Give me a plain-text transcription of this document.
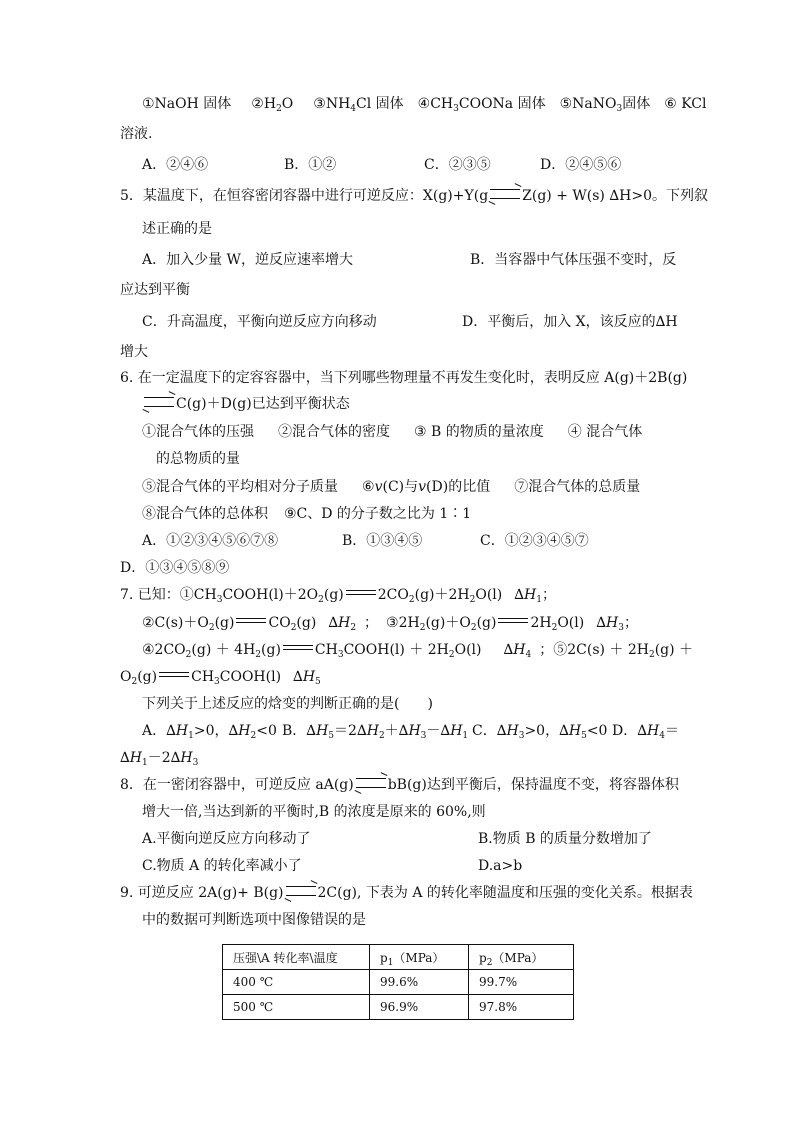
①NaOH 固体 $②H_2O$ $③NH_4Cl$ 固体 $④CH_3COONa$ 固体 ⑤NaNO$_3$固体 ⑥ KCl
溶液.
A．②④⑥	B．①②	C．②③⑤	D．②④⑤⑥
5．某温度下，在恒容密闭容器中进行可逆反应：X(g)+Y(g Z(g) + W(s) ∆H>0。下列叙
述正确的是
A．加入少量 W，逆反应速率增大	B．当容器中气体压强不变时，反
应达到平衡
C．升高温度，平衡向逆反应方向移动	D．平衡后，加入 X，该反应的∆H
增大
6. 在一定温度下的定容容器中，当下列哪些物理量不再发生变化时，表明反应 A(g)＋2B(g)
C(g)＋D(g)已达到平衡状态
①混合气体的压强 ②混合气体的密度 ③ B 的物质的量浓度 ④ 混合气体
的总物质的量
⑤混合气体的平均相对分子质量 ⑥v(C)与v(D)的比值 ⑦混合气体的总质量
⑧混合气体的总体积 ⑨C、D 的分子数之比为 1∶1
A．①②③④⑤⑥⑦⑧	B．①③④⑤	C．①②③④⑤⑦
D．①③④⑤⑧⑨
7. 已知：$①CH_3COOH(l)+2O_2(g)$ $2CO_2(g)+2H_2O(l)$ $\Delta H_1$；
$②C(s)+O_2(g)$ $CO_2(g)$ $\Delta H_2$ ； $③2H_2(g)+O_2(g)$ $2H_2O(l)$ $\Delta H_3$；
$④2CO_2(g) + 4H_2(g)$ $CH_3COOH(l) + 2H_2O(l)$ $\Delta H_4$ ；⑤2C(s) ＋ $2H_2(g)$ ＋
$O_2(g)$ $CH_3COOH(l)$ $\Delta H_5$
下列关于上述反应的焓变的判断正确的是(　　)
A．$\Delta H_1>0$，$\Delta H_2<0$ B．$\Delta H_5=2\Delta H_2+\Delta H_3-\Delta H_1$ C．$\Delta H_3>0$，$\Delta H_5<0$ D．$\Delta H_4=$
$\Delta H_1-2\Delta H_3$
8．在一密闭容器中，可逆反应 aA(g) bB(g)达到平衡后，保持温度不变，将容器体积
增大一倍,当达到新的平衡时,B 的浓度是原来的 60%,则
A.平衡向逆反应方向移动了	B.物质 B 的质量分数增加了
C.物质 A 的转化率减小了	D.a>b
9. 可逆反应 2A(g)+ B(g) 2C(g), 下表为 A 的转化率随温度和压强的变化关系。根据表
中的数据可判断选项中图像错误的是
压强\A 转化率\温度	$p_1(MPa)$	$p_2(MPa)$
400 ℃	99.6%	99.7%
500 ℃	96.9%	97.8%
